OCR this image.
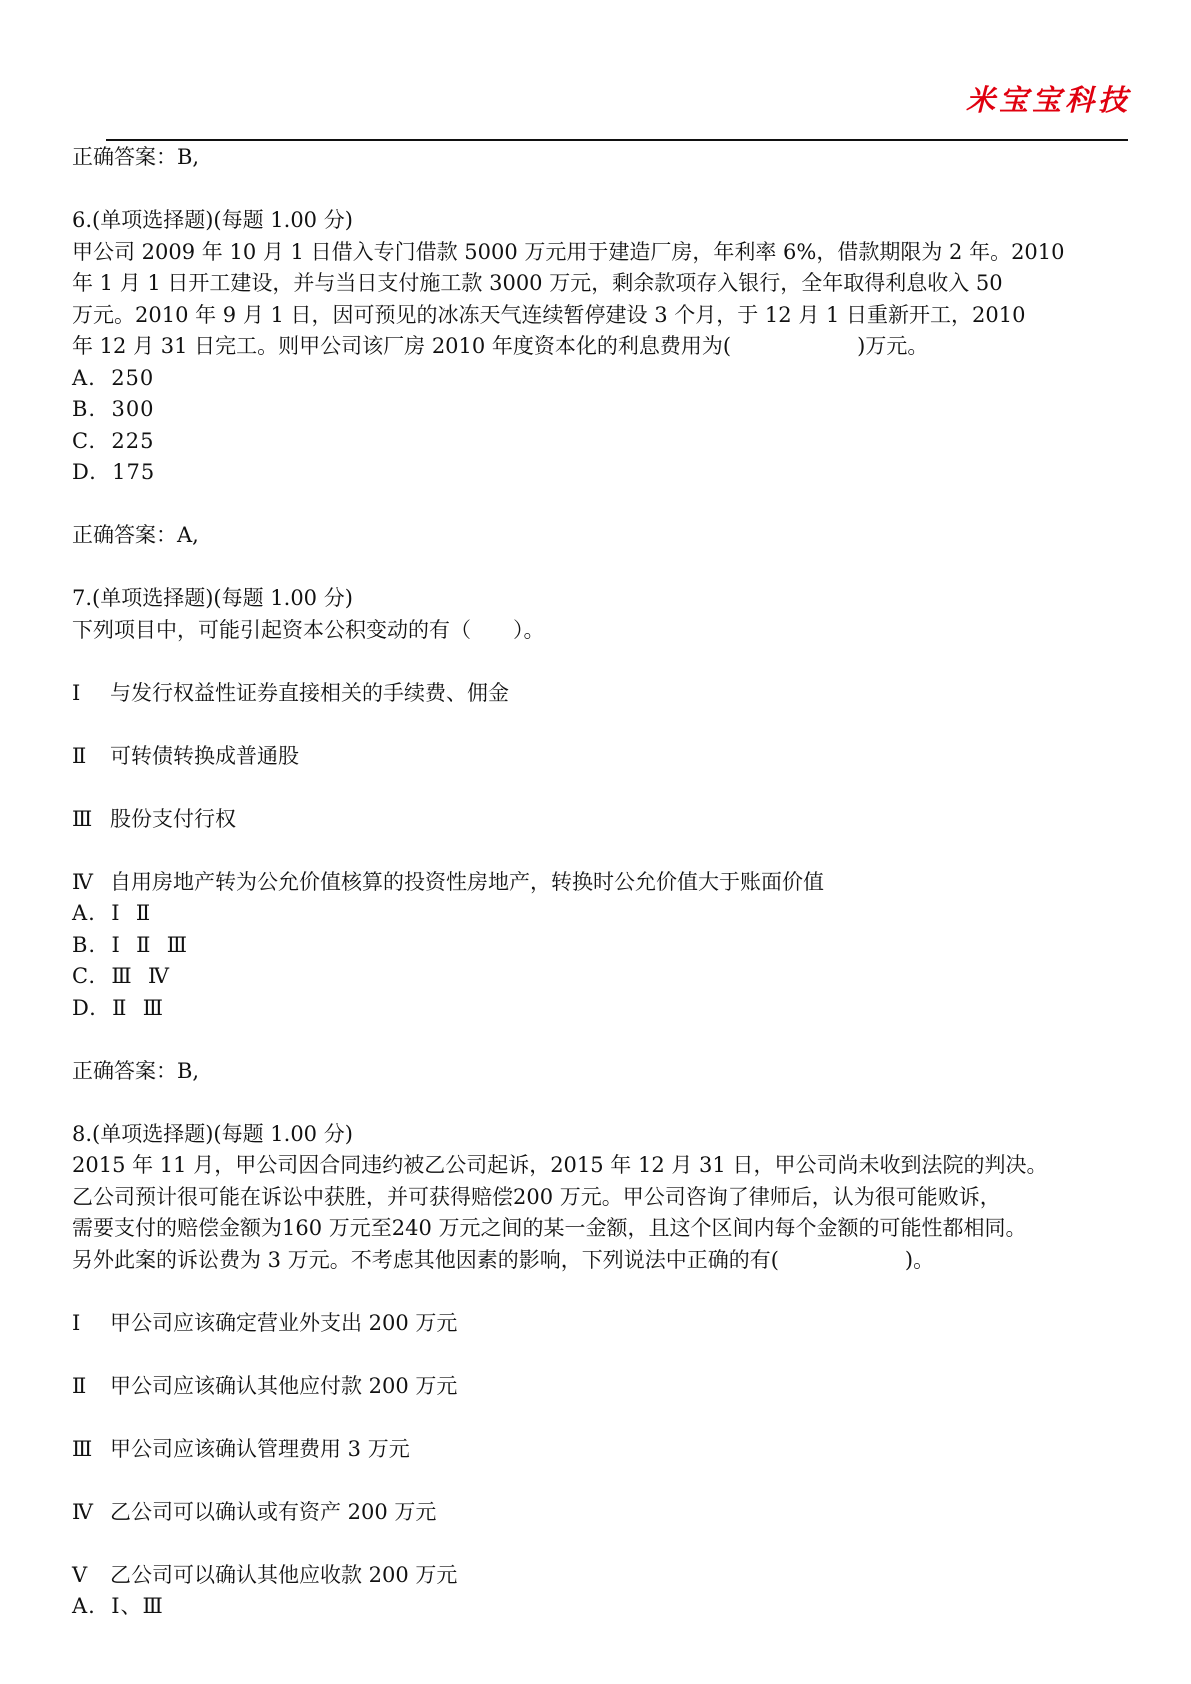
米宝宝科技
正确答案：B,
6.(单项选择题)(每题 1.00 分)
甲公司 2009 年 10 月 1 日借入专门借款 5000 万元用于建造厂房，年利率 6%，借款期限为 2 年。2010
年 1 月 1 日开工建设，并与当日支付施工款 3000 万元，剩余款项存入银行，全年取得利息收入 50
万元。2010 年 9 月 1 日，因可预见的冰冻天气连续暂停建设 3 个月，于 12 月 1 日重新开工，2010
年 12 月 31 日完工。则甲公司该厂房 2010 年度资本化的利息费用为(　　　　　　)万元。
A.  250
B.  300
C.  225
D.  175
正确答案：A,
7.(单项选择题)(每题 1.00 分)
下列项目中，可能引起资本公积变动的有（　　）。
Ⅰ 与发行权益性证券直接相关的手续费、佣金
Ⅱ 可转债转换成普通股
Ⅲ 股份支付行权
Ⅳ 自用房地产转为公允价值核算的投资性房地产，转换时公允价值大于账面价值
A.  Ⅰ  Ⅱ
B.  Ⅰ  Ⅱ  Ⅲ
C.  Ⅲ  Ⅳ
D.  Ⅱ  Ⅲ
正确答案：B,
8.(单项选择题)(每题 1.00 分)
2015 年 11 月，甲公司因合同违约被乙公司起诉，2015 年 12 月 31 日，甲公司尚未收到法院的判决。
乙公司预计很可能在诉讼中获胜，并可获得赔偿200 万元。甲公司咨询了律师后，认为很可能败诉，
需要支付的赔偿金额为160 万元至240 万元之间的某一金额，且这个区间内每个金额的可能性都相同。
另外此案的诉讼费为 3 万元。不考虑其他因素的影响，下列说法中正确的有(　　　　　　)。
Ⅰ 甲公司应该确定营业外支出 200 万元
Ⅱ 甲公司应该确认其他应付款 200 万元
Ⅲ 甲公司应该确认管理费用 3 万元
Ⅳ 乙公司可以确认或有资产 200 万元
Ⅴ 乙公司可以确认其他应收款 200 万元
A.  Ⅰ、Ⅲ
